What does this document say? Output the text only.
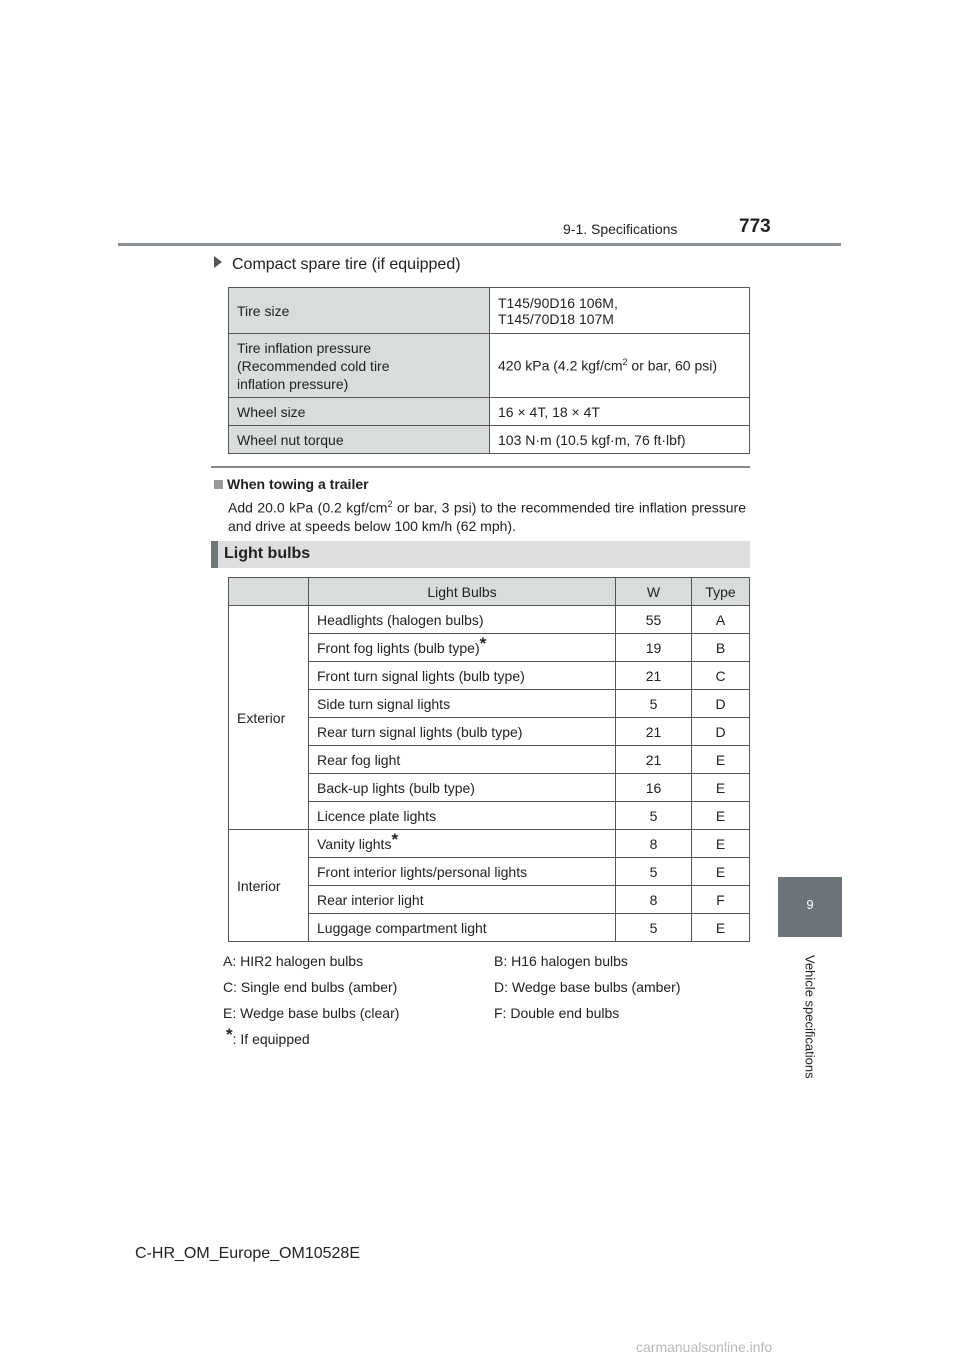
9-1. Specifications	773
9
Vehicle specifications
Compact spare tire (if equipped)
Tire size	T145/90D16 106M,
T145/70D18 107M

Tire inflation pressure
(Recommended cold tire
inflation pressure)	420 kPa (4.2 kgf/$cm^2$ or bar, 60 psi)
Wheel size	16 × 4T, 18 × 4T
Wheel nut torque	103 N·m (10.5 kgf·m, 76 ft·lbf)
When towing a trailer
Add 20.0 kPa (0.2 kgf/$cm^2$ or bar, 3 psi) to the recommended tire inflation pressure and drive at speeds below 100 km/h (62 mph).
Light bulbs
	Light Bulbs	W	Type
Exterior	Headlights (halogen bulbs)	55	A
	Front fog lights (bulb type)*	19	B
	Front turn signal lights (bulb type)	21	C
	Side turn signal lights	5	D
	Rear turn signal lights (bulb type)	21	D
	Rear fog light	21	E
	Back-up lights (bulb type)	16	E
	Licence plate lights	5	E
Interior	Vanity lights*	8	E
	Front interior lights/personal lights	5	E
	Rear interior light	8	F
	Luggage compartment light	5	E
A: HIR2 halogen bulbs	B: H16 halogen bulbs
C: Single end bulbs (amber)	D: Wedge base bulbs (amber)
E: Wedge base bulbs (clear)	F: Double end bulbs
*: If equipped
C-HR_OM_Europe_OM10528E
carmanualsonline.info
